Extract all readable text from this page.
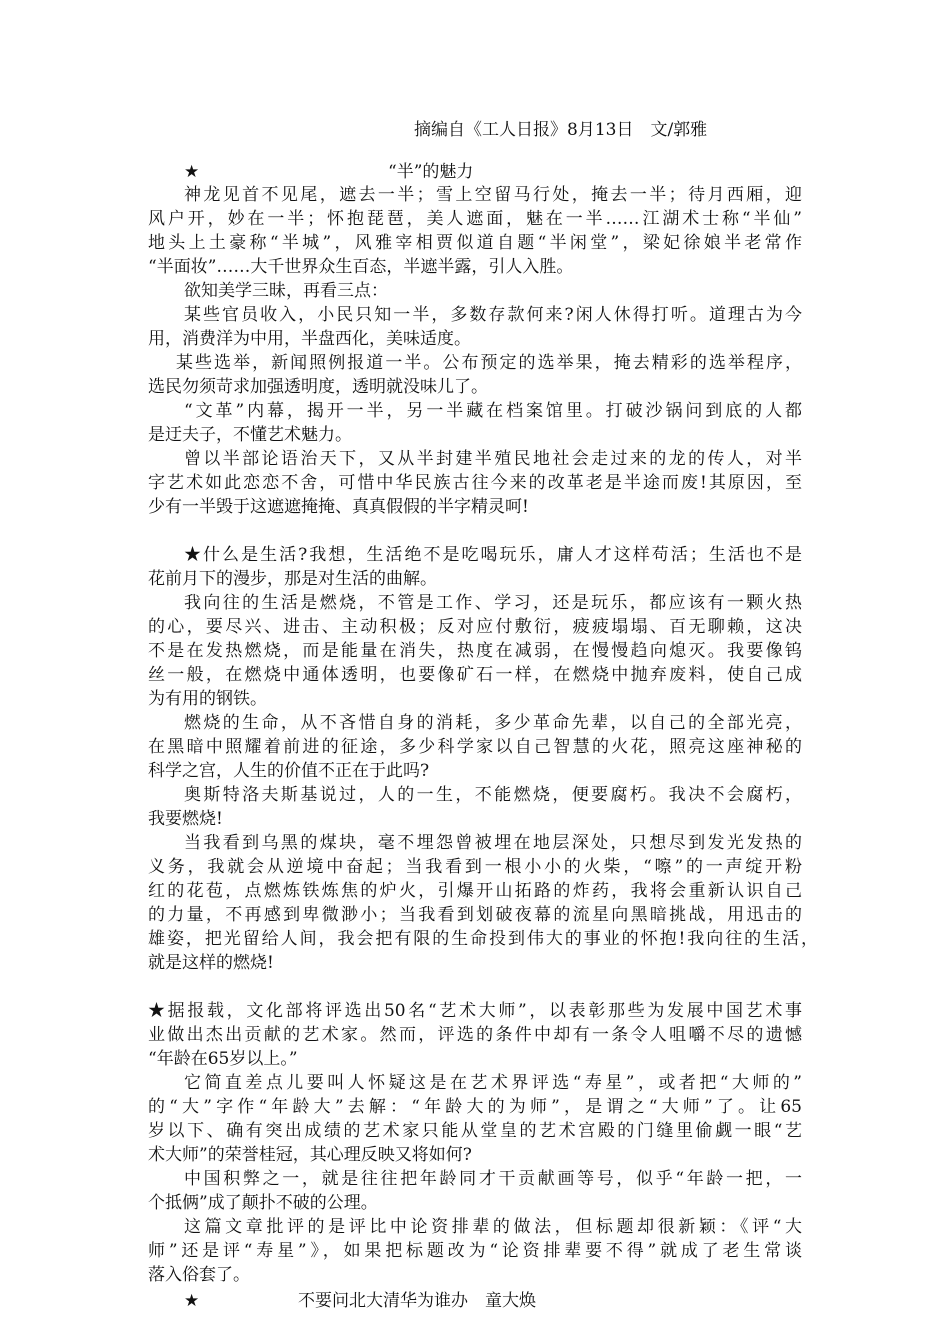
摘编自《工人日报》8月13日　文/郭雅
★	“半”的魅力
神龙见首不见尾，遮去一半；雪上空留马行处，掩去一半；待月西厢，迎
风户开，妙在一半；怀抱琵琶，美人遮面，魅在一半……江湖术士称“半仙”
地头上土豪称“半城”，风雅宰相贾似道自题“半闲堂”，梁妃徐娘半老常作
“半面妆”……大千世界众生百态，半遮半露，引人入胜。
欲知美学三昧，再看三点：
某些官员收入，小民只知一半，多数存款何来?闲人休得打听。道理古为今
用，消费洋为中用，半盘西化，美味适度。
某些选举，新闻照例报道一半。公布预定的选举果，掩去精彩的选举程序，
选民勿须苛求加强透明度，透明就没味儿了。
“文革”内幕，揭开一半，另一半藏在档案馆里。打破沙锅问到底的人都
是迂夫子，不懂艺术魅力。
曾以半部论语治天下，又从半封建半殖民地社会走过来的龙的传人，对半
字艺术如此恋恋不舍，可惜中华民族古往今来的改革老是半途而废!其原因，至
少有一半毁于这遮遮掩掩、真真假假的半字精灵呵!
★什么是生活?我想，生活绝不是吃喝玩乐，庸人才这样苟活；生活也不是
花前月下的漫步，那是对生活的曲解。
我向往的生活是燃烧，不管是工作、学习，还是玩乐，都应该有一颗火热
的心，要尽兴、进击、主动积极；反对应付敷衍，疲疲塌塌、百无聊赖，这决
不是在发热燃烧，而是能量在消失，热度在减弱，在慢慢趋向熄灭。我要像钨
丝一般，在燃烧中通体透明，也要像矿石一样，在燃烧中抛弃废料，使自己成
为有用的钢铁。
燃烧的生命，从不吝惜自身的消耗，多少革命先辈，以自己的全部光亮，
在黑暗中照耀着前进的征途，多少科学家以自己智慧的火花，照亮这座神秘的
科学之宫，人生的价值不正在于此吗?
奥斯特洛夫斯基说过，人的一生，不能燃烧，便要腐朽。我决不会腐朽，
我要燃烧!
当我看到乌黑的煤块，毫不埋怨曾被埋在地层深处，只想尽到发光发热的
义务，我就会从逆境中奋起；当我看到一根小小的火柴，“嚓”的一声绽开粉
红的花苞，点燃炼铁炼焦的炉火，引爆开山拓路的炸药，我将会重新认识自己
的力量，不再感到卑微渺小；当我看到划破夜幕的流星向黑暗挑战，用迅击的
雄姿，把光留给人间，我会把有限的生命投到伟大的事业的怀抱!我向往的生活，
就是这样的燃烧!
★据报载，文化部将评选出50名“艺术大师”，以表彰那些为发展中国艺术事
业做出杰出贡献的艺术家。然而，评选的条件中却有一条令人咀嚼不尽的遗憾
“年龄在65岁以上。”
它简直差点儿要叫人怀疑这是在艺术界评选“寿星”，或者把“大师的”
的“大”字作“年龄大”去解：“年龄大的为师”，是谓之“大师”了。让65
岁以下、确有突出成绩的艺术家只能从堂皇的艺术宫殿的门缝里偷觑一眼“艺
术大师”的荣誉桂冠，其心理反映又将如何?
中国积弊之一，就是往往把年龄同才干贡献画等号，似乎“年龄一把，一
个抵俩”成了颠扑不破的公理。
这篇文章批评的是评比中论资排辈的做法，但标题却很新颖：《评“大
师”还是评“寿星”》，如果把标题改为“论资排辈要不得”就成了老生常谈
落入俗套了。
★	不要问北大清华为谁办　童大焕
